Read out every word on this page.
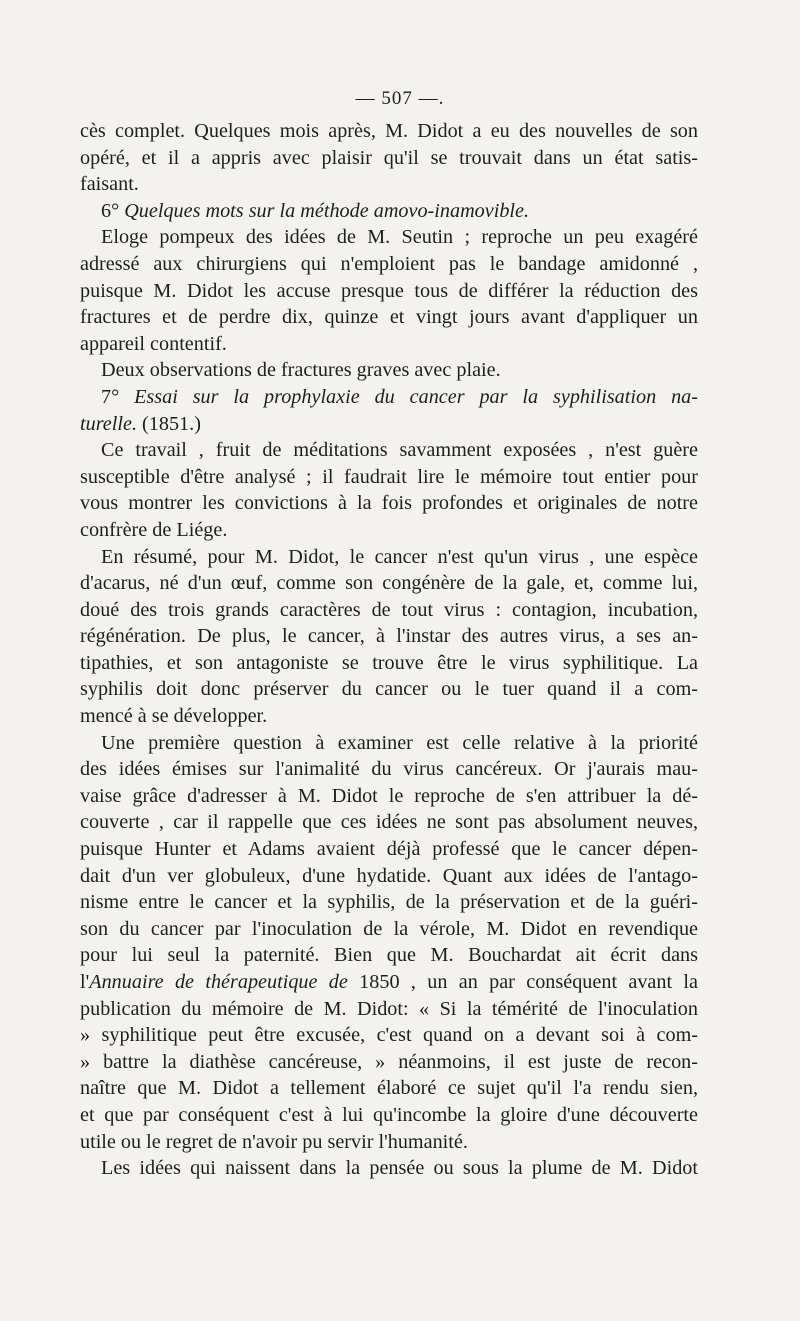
— 507 —.
cès complet. Quelques mois après, M. Didot a eu des nouvelles de son
opéré, et il a appris avec plaisir qu'il se trouvait dans un état satis-
faisant.
6° Quelques mots sur la méthode amovo-inamovible.
Eloge pompeux des idées de M. Seutin ; reproche un peu exagéré
adressé aux chirurgiens qui n'emploient pas le bandage amidonné ,
puisque M. Didot les accuse presque tous de différer la réduction des
fractures et de perdre dix, quinze et vingt jours avant d'appliquer un
appareil contentif.
Deux observations de fractures graves avec plaie.
7° Essai sur la prophylaxie du cancer par la syphilisation na-
turelle. (1851.)
Ce travail , fruit de méditations savamment exposées , n'est guère
susceptible d'être analysé ; il faudrait lire le mémoire tout entier pour
vous montrer les convictions à la fois profondes et originales de notre
confrère de Liége.
En résumé, pour M. Didot, le cancer n'est qu'un virus , une espèce
d'acarus, né d'un œuf, comme son congénère de la gale, et, comme lui,
doué des trois grands caractères de tout virus : contagion, incubation,
régénération. De plus, le cancer, à l'instar des autres virus, a ses an-
tipathies, et son antagoniste se trouve être le virus syphilitique. La
syphilis doit donc préserver du cancer ou le tuer quand il a com-
mencé à se développer.
Une première question à examiner est celle relative à la priorité
des idées émises sur l'animalité du virus cancéreux. Or j'aurais mau-
vaise grâce d'adresser à M. Didot le reproche de s'en attribuer la dé-
couverte , car il rappelle que ces idées ne sont pas absolument neuves,
puisque Hunter et Adams avaient déjà professé que le cancer dépen-
dait d'un ver globuleux, d'une hydatide. Quant aux idées de l'antago-
nisme entre le cancer et la syphilis, de la préservation et de la guéri-
son du cancer par l'inoculation de la vérole, M. Didot en revendique
pour lui seul la paternité. Bien que M. Bouchardat ait écrit dans
l'Annuaire de thérapeutique de 1850 , un an par conséquent avant la
publication du mémoire de M. Didot: « Si la témérité de l'inoculation
» syphilitique peut être excusée, c'est quand on a devant soi à com-
» battre la diathèse cancéreuse, » néanmoins, il est juste de recon-
naître que M. Didot a tellement élaboré ce sujet qu'il l'a rendu sien,
et que par conséquent c'est à lui qu'incombe la gloire d'une découverte
utile ou le regret de n'avoir pu servir l'humanité.
Les idées qui naissent dans la pensée ou sous la plume de M. Didot
